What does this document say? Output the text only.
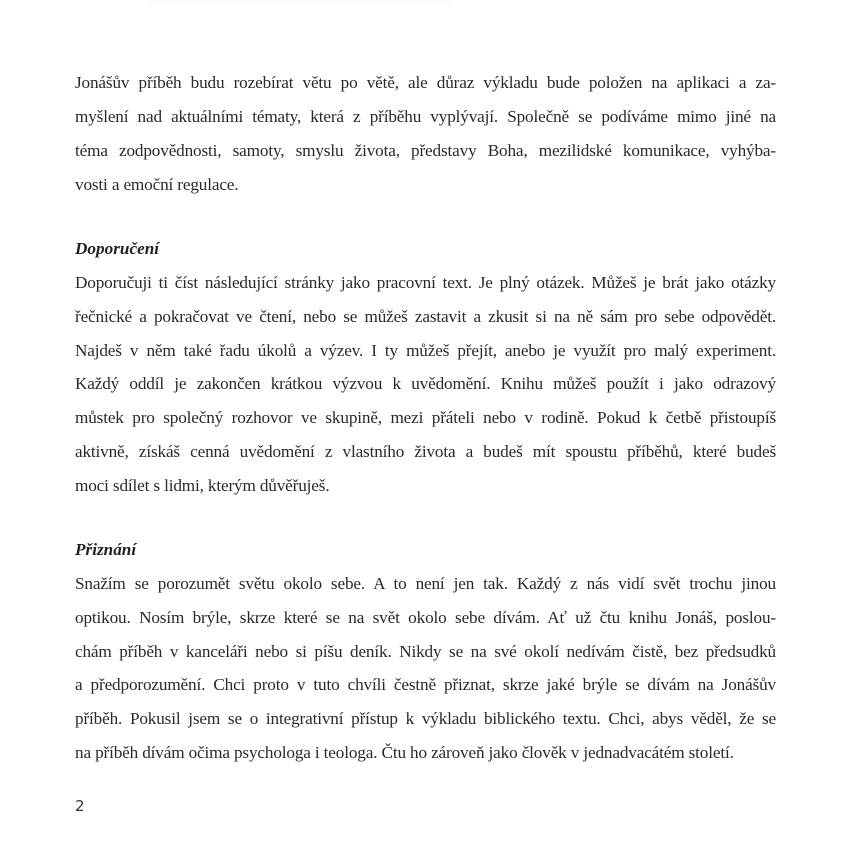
Jonášův příběh budu rozebírat větu po větě, ale důraz výkladu bude položen na aplikaci a za-
myšlení nad aktuálními tématy, která z příběhu vyplývají. Společně se podíváme mimo jiné na
téma zodpovědnosti, samoty, smyslu života, představy Boha, mezilidské komunikace, vyhýba-
vosti a emoční regulace.
Doporučení
Doporučuji ti číst následující stránky jako pracovní text. Je plný otázek. Můžeš je brát jako otázky
řečnické a pokračovat ve čtení, nebo se můžeš zastavit a zkusit si na ně sám pro sebe odpovědět.
Najdeš v něm také řadu úkolů a výzev. I ty můžeš přejít, anebo je využít pro malý experiment.
Každý oddíl je zakončen krátkou výzvou k uvědomění. Knihu můžeš použít i jako odrazový
můstek pro společný rozhovor ve skupině, mezi přáteli nebo v rodině. Pokud k četbě přistoupíš
aktivně, získáš cenná uvědomění z vlastního života a budeš mít spoustu příběhů, které budeš
moci sdílet s lidmi, kterým důvěřuješ.
Přiznání
Snažím se porozumět světu okolo sebe. A to není jen tak. Každý z nás vidí svět trochu jinou
optikou. Nosím brýle, skrze které se na svět okolo sebe dívám. Ať už čtu knihu Jonáš, poslou-
chám příběh v kanceláři nebo si píšu deník. Nikdy se na své okolí nedívám čistě, bez předsudků
a předporozumění. Chci proto v tuto chvíli čestně přiznat, skrze jaké brýle se dívám na Jonášův
příběh. Pokusil jsem se o integrativní přístup k výkladu biblického textu. Chci, abys věděl, že se
na příběh dívám očima psychologa i teologa. Čtu ho zároveň jako člověk v jednadvacátém století.
2
